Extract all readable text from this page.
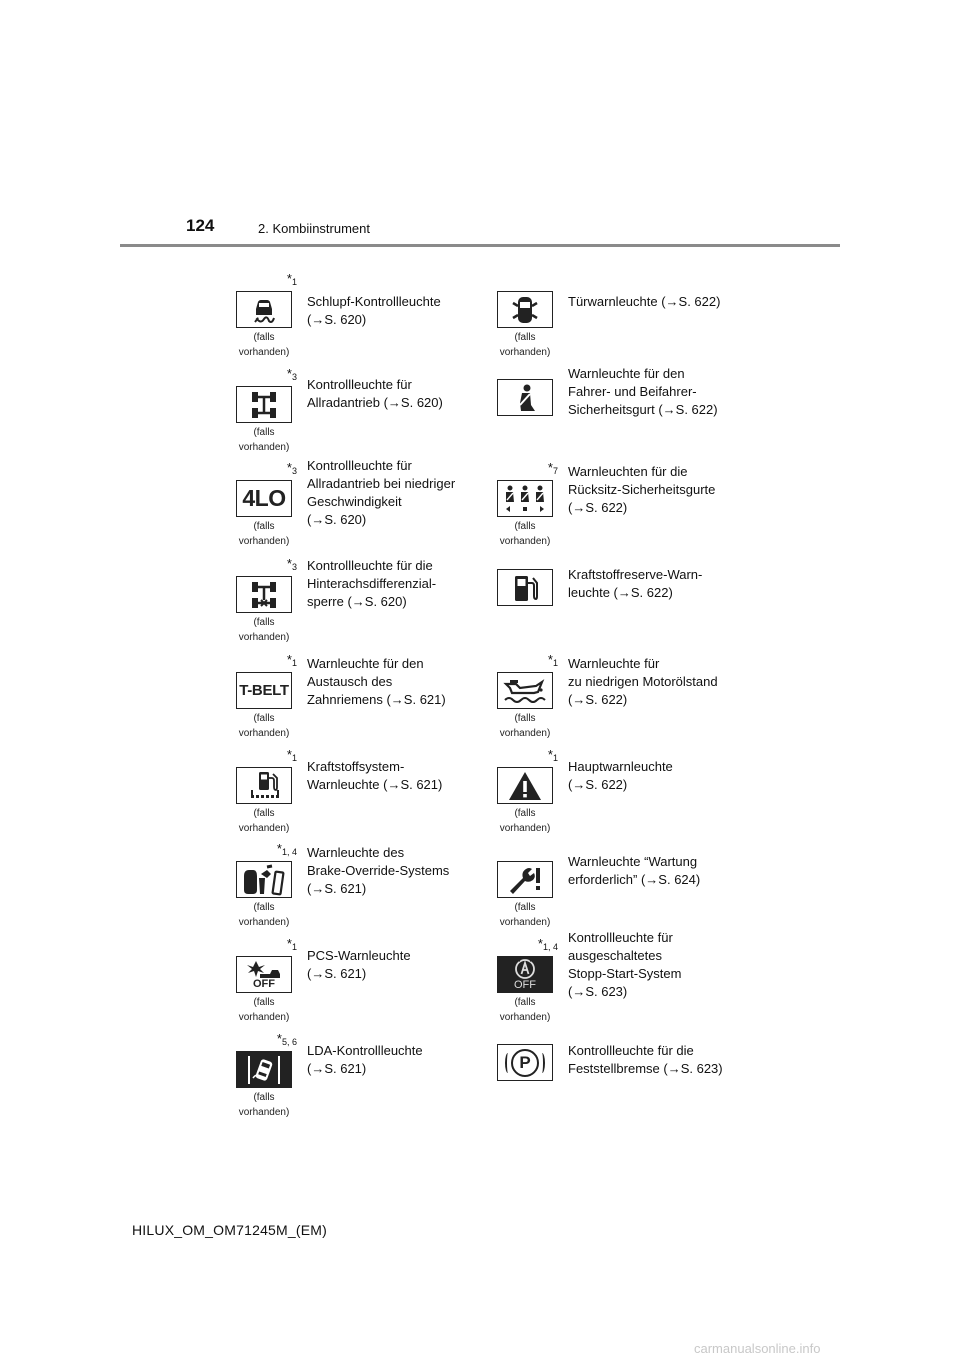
124	2. Kombiinstrument
$*_1$
(falls
vorhanden)
Schlupf-Kontrollleuchte
(→S. 620)
(falls
vorhanden)
Türwarnleuchte (→S. 622)
$*_3$
(falls
vorhanden)
Kontrollleuchte für
Allradantrieb (→S. 620)
Warnleuchte für den
Fahrer- und Beifahrer-
Sicherheitsgurt (→S. 622)
$*_3$
4LO
(falls
vorhanden)
Kontrollleuchte für
Allradantrieb bei niedriger
Geschwindigkeit
(→S. 620)
$*_7$
(falls
vorhanden)
Warnleuchten für die
Rücksitz-Sicherheitsgurte
(→S. 622)
$*_3$
(falls
vorhanden)
Kontrollleuchte für die
Hinterachsdifferenzial-
sperre (→S. 620)
Kraftstoffreserve-Warn-
leuchte (→S. 622)
$*_1$
T-BELT
(falls
vorhanden)
Warnleuchte für den
Austausch des
Zahnriemens (→S. 621)
$*_1$
(falls
vorhanden)
Warnleuchte für
zu niedrigen Motorölstand
(→S. 622)
$*_1$
(falls
vorhanden)
Kraftstoffsystem-
Warnleuchte (→S. 621)
$*_1$
(falls
vorhanden)
Hauptwarnleuchte
(→S. 622)
$*_{1, 4}$
(falls
vorhanden)
Warnleuchte des
Brake-Override-Systems
(→S. 621)
(falls
vorhanden)
Warnleuchte “Wartung
erforderlich” (→S. 624)
$*_1$
OFF
(falls
vorhanden)
PCS-Warnleuchte
(→S. 621)
$*_{1, 4}$
OFF
(falls
vorhanden)
Kontrollleuchte für
ausgeschaltetes
Stopp-Start-System
(→S. 623)
$*_{5, 6}$
(falls
vorhanden)
LDA-Kontrollleuchte
(→S. 621)	P
Kontrollleuchte für die
Feststellbremse (→S. 623)
HILUX_OM_OM71245M_(EM)
carmanualsonline.info
